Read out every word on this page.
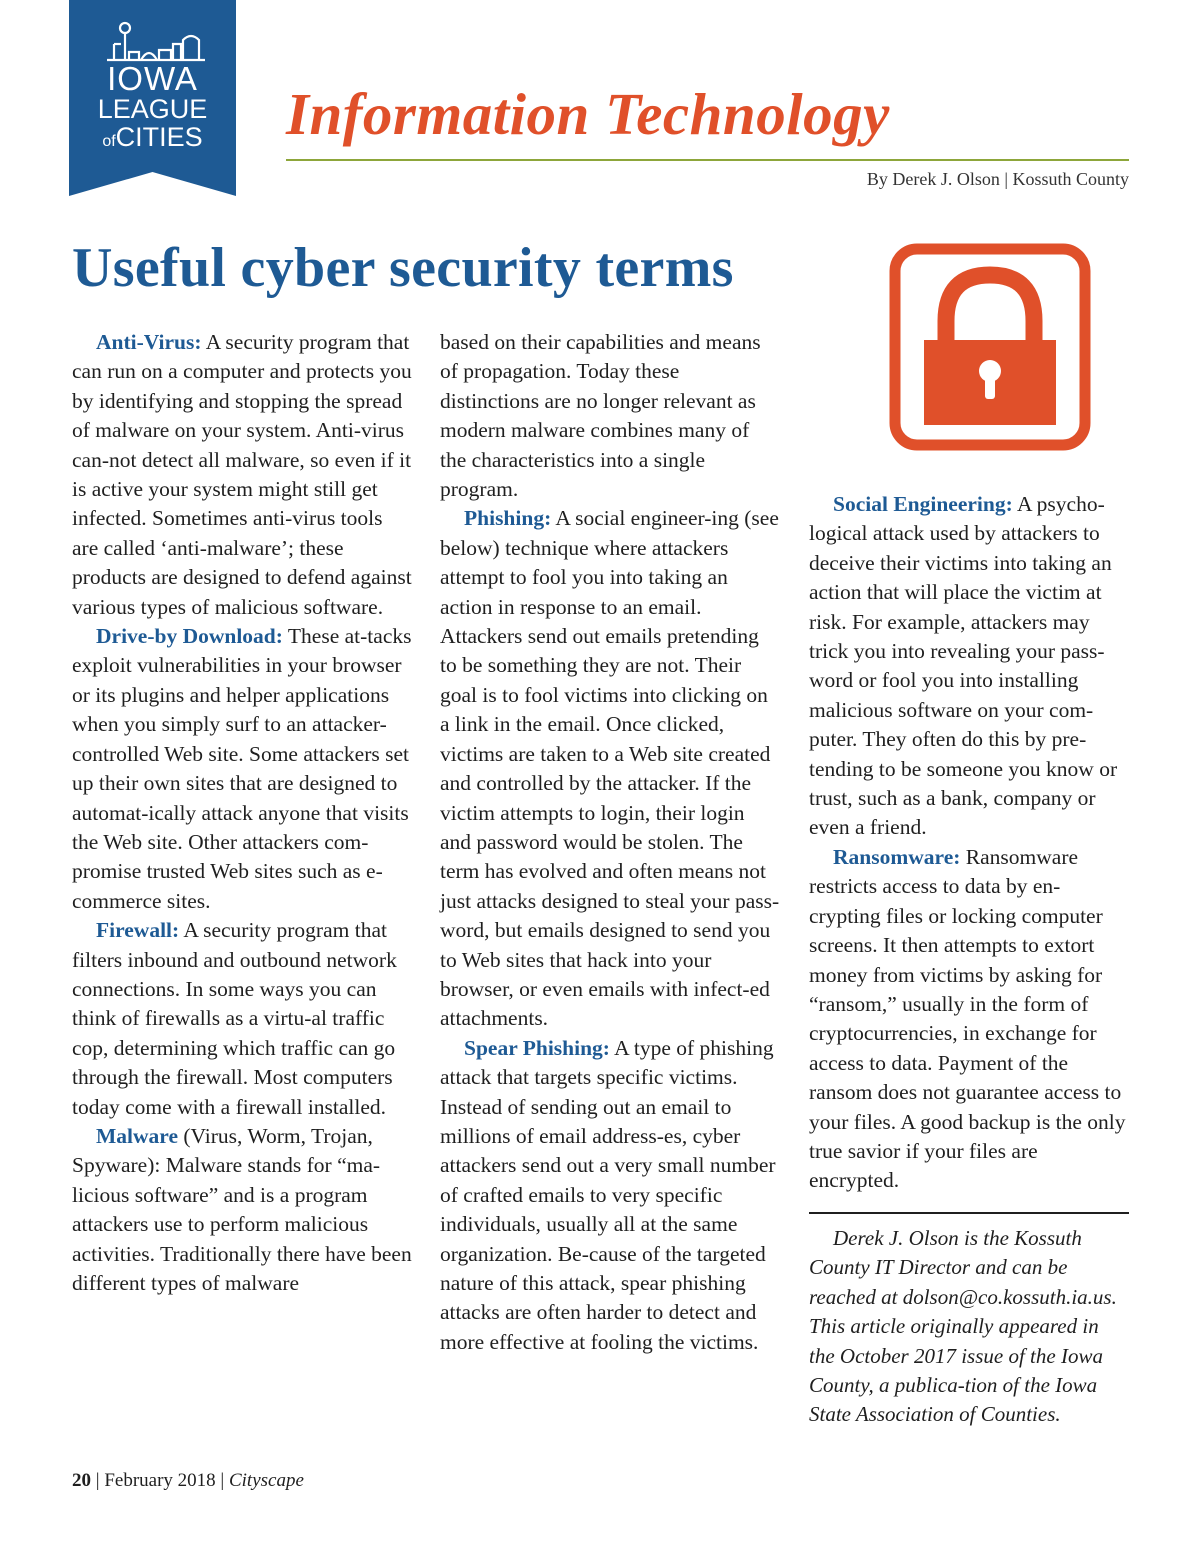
IOWA
LEAGUE
ofCITIES	Information Technology
By Derek J. Olson | Kossuth County
Useful cyber security terms

Anti-Virus: A security program that can run on a computer and protects you by identifying and stopping the spread of malware on your system. Anti-virus can-not detect all malware, so even if it is active your system might still get infected. Sometimes anti-virus tools are called ‘anti-malware’; these products are designed to defend against various types of malicious software.

Drive-by Download: These at-tacks exploit vulnerabilities in your browser or its plugins and helper applications when you simply surf to an attacker-controlled Web site. Some attackers set up their own sites that are designed to automat-ically attack anyone that visits the Web site. Other attackers com-promise trusted Web sites such as e-commerce sites.

Firewall: A security program that filters inbound and outbound network connections. In some ways you can think of firewalls as a virtu-al traffic cop, determining which traffic can go through the firewall. Most computers today come with a firewall installed.

Malware (Virus, Worm, Trojan, Spyware): Malware stands for “ma-licious software” and is a program attackers use to perform malicious activities. Traditionally there have been different types of malware

based on their capabilities and means of propagation. Today these distinctions are no longer relevant as modern malware combines many of the characteristics into a single program.

Phishing: A social engineer-ing (see below) technique where attackers attempt to fool you into taking an action in response to an email. Attackers send out emails pretending to be something they are not. Their goal is to fool victims into clicking on a link in the email. Once clicked, victims are taken to a Web site created and controlled by the attacker. If the victim attempts to login, their login and password would be stolen. The term has evolved and often means not just attacks designed to steal your pass-word, but emails designed to send you to Web sites that hack into your browser, or even emails with infect-ed attachments.

Spear Phishing: A type of phishing attack that targets specific victims. Instead of sending out an email to millions of email address-es, cyber attackers send out a very small number of crafted emails to very specific individuals, usually all at the same organization. Be-cause of the targeted nature of this attack, spear phishing attacks are often harder to detect and more effective at fooling the victims.

Social Engineering: A psycho-logical attack used by attackers to deceive their victims into taking an action that will place the victim at risk. For example, attackers may trick you into revealing your pass-word or fool you into installing malicious software on your com-puter. They often do this by pre-tending to be someone you know or trust, such as a bank, company or even a friend.

Ransomware: Ransomware restricts access to data by en-crypting files or locking computer screens. It then attempts to extort money from victims by asking for “ransom,” usually in the form of cryptocurrencies, in exchange for access to data. Payment of the ransom does not guarantee access to your files. A good backup is the only true savior if your files are encrypted.

Derek J. Olson is the Kossuth County IT Director and can be reached at dolson@co.kossuth.ia.us. This article originally appeared in the October 2017 issue of the Iowa County, a publica-tion of the Iowa State Association of Counties.

20 | February 2018 | Cityscape
